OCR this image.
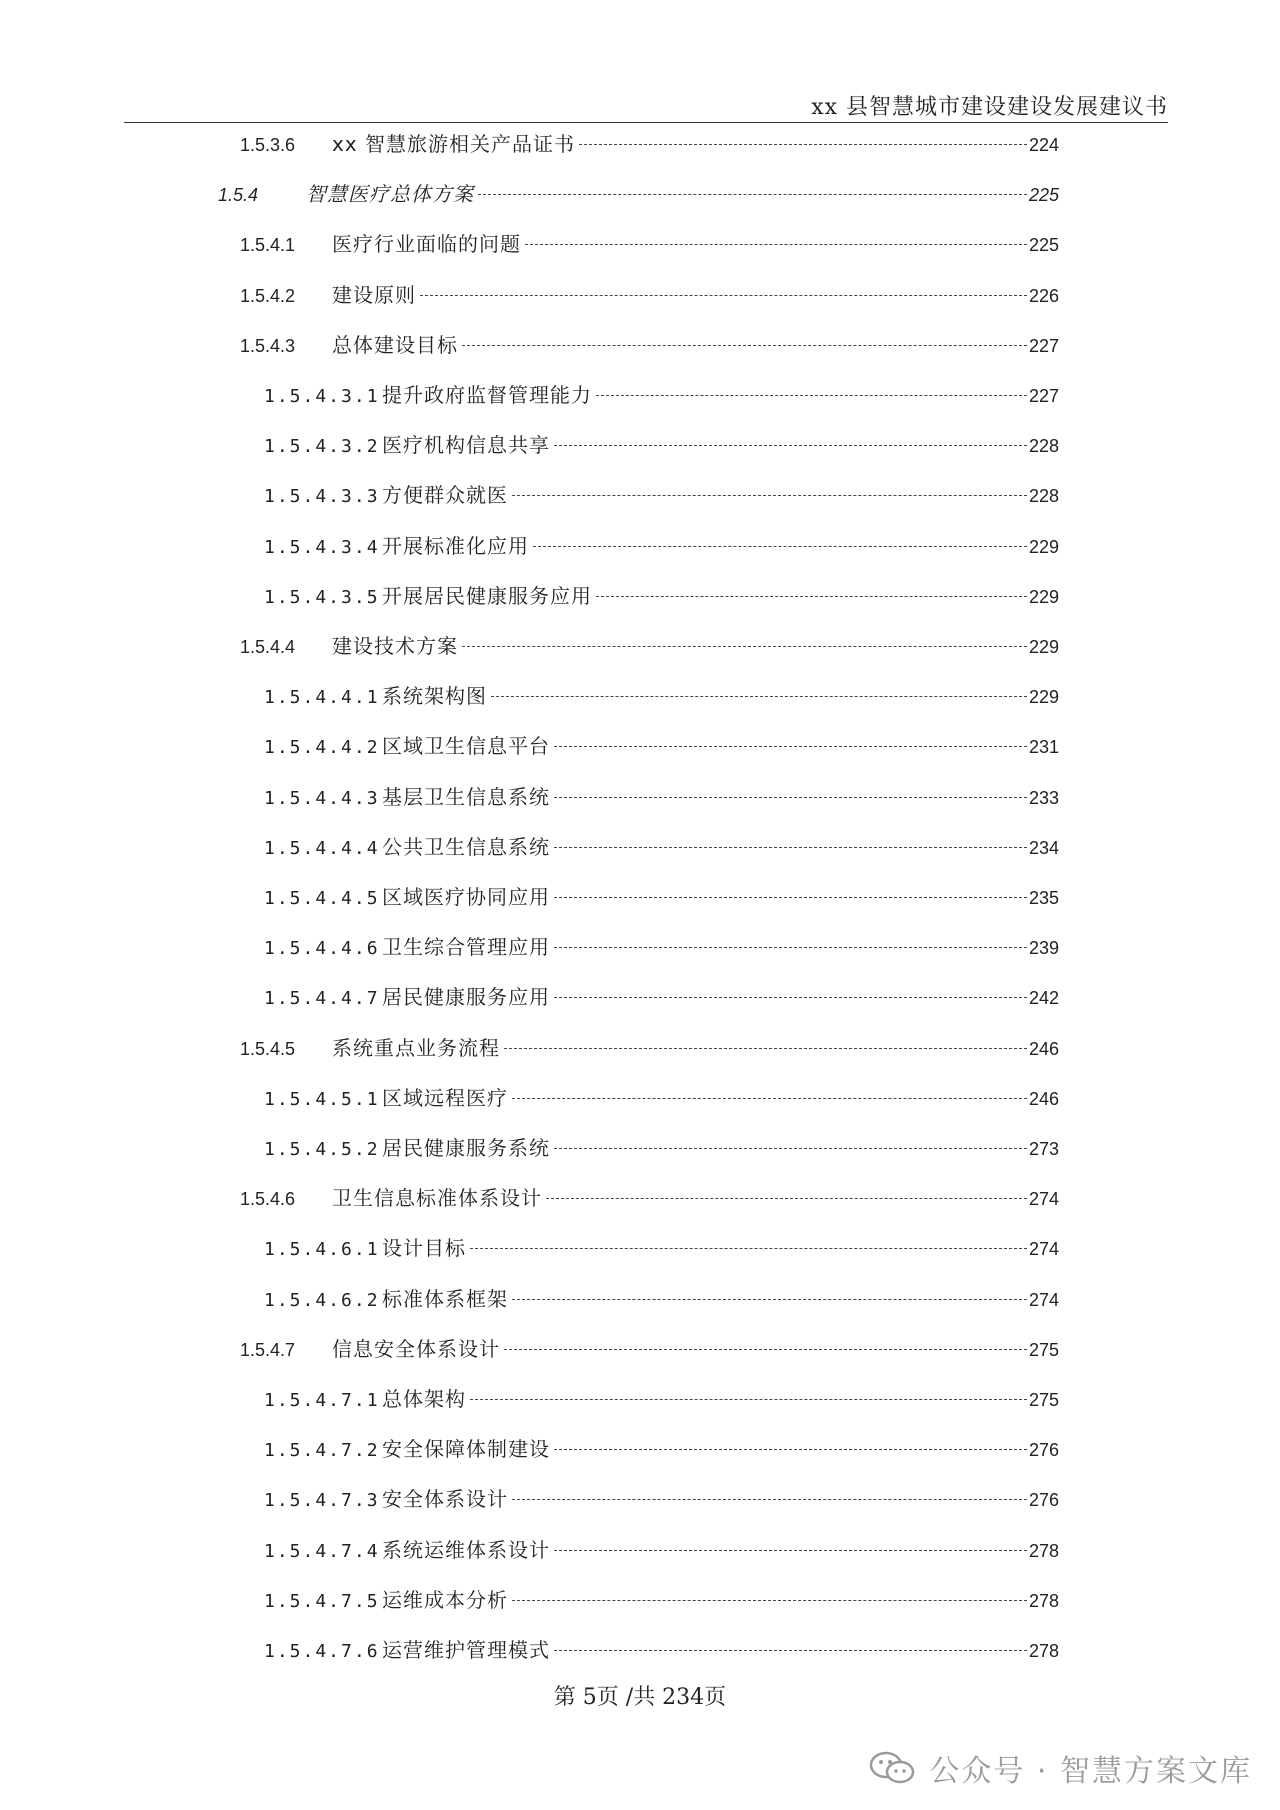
xx 县智慧城市建设建设发展建议书
1.5.3.6	xx 智慧旅游相关产品证书	224
1.5.4	智慧医疗总体方案	225
1.5.4.1	医疗行业面临的问题	225
1.5.4.2	建设原则	226
1.5.4.3	总体建设目标	227
1.5.4.3.1 提升政府监督管理能力	227
1.5.4.3.2 医疗机构信息共享	228
1.5.4.3.3 方便群众就医	228
1.5.4.3.4 开展标准化应用	229
1.5.4.3.5 开展居民健康服务应用	229
1.5.4.4	建设技术方案	229
1.5.4.4.1 系统架构图	229
1.5.4.4.2 区域卫生信息平台	231
1.5.4.4.3 基层卫生信息系统	233
1.5.4.4.4 公共卫生信息系统	234
1.5.4.4.5 区域医疗协同应用	235
1.5.4.4.6 卫生综合管理应用	239
1.5.4.4.7 居民健康服务应用	242
1.5.4.5	系统重点业务流程	246
1.5.4.5.1 区域远程医疗	246
1.5.4.5.2 居民健康服务系统	273
1.5.4.6	卫生信息标准体系设计	274
1.5.4.6.1 设计目标	274
1.5.4.6.2 标准体系框架	274
1.5.4.7	信息安全体系设计	275
1.5.4.7.1 总体架构	275
1.5.4.7.2 安全保障体制建设	276
1.5.4.7.3 安全体系设计	276
1.5.4.7.4 系统运维体系设计	278
1.5.4.7.5 运维成本分析	278
1.5.4.7.6 运营维护管理模式	278
第 5页 /共 234页
公众号 · 智慧方案文库
